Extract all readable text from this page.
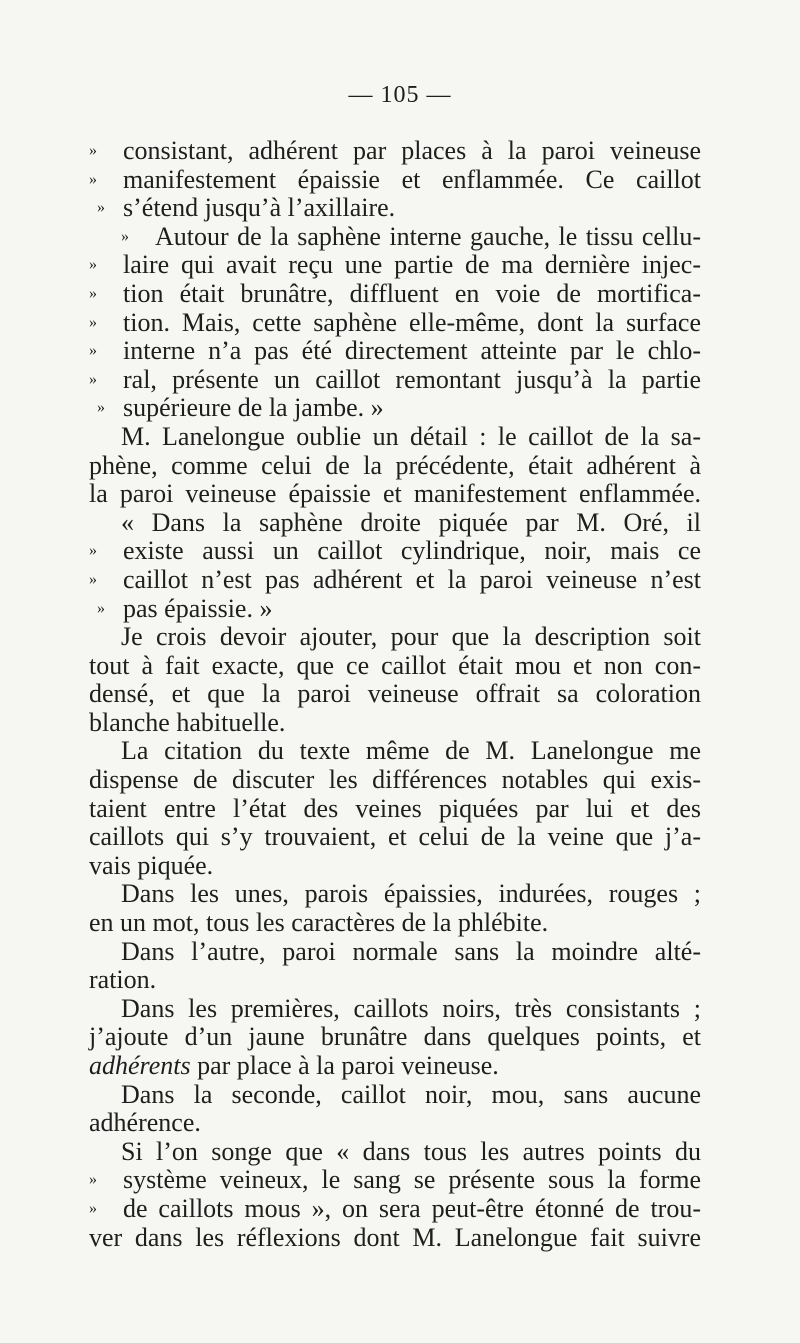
— 105 —
»	consistant, adhérent par places à la paroi veineuse
»	manifestement épaissie et enflammée. Ce caillot
» s’étend jusqu’à l’axillaire.
»	Autour de la saphène interne gauche, le tissu cellu-
»	laire qui avait reçu une partie de ma dernière injec-
»	tion était brunâtre, diffluent en voie de mortifica-
»	tion. Mais, cette saphène elle-même, dont la surface
»	interne n’a pas été directement atteinte par le chlo-
»	ral, présente un caillot remontant jusqu’à la partie
» supérieure de la jambe. »
M. Lanelongue oublie un détail : le caillot de la sa-
phène, comme celui de la précédente, était adhérent à
la paroi veineuse épaissie et manifestement enflammée.
« Dans la saphène droite piquée par M. Oré, il
»	existe aussi un caillot cylindrique, noir, mais ce
»	caillot n’est pas adhérent et la paroi veineuse n’est
» pas épaissie. »
Je crois devoir ajouter, pour que la description soit
tout à fait exacte, que ce caillot était mou et non con-
densé, et que la paroi veineuse offrait sa coloration
blanche habituelle.
La citation du texte même de M. Lanelongue me
dispense de discuter les différences notables qui exis-
taient entre l’état des veines piquées par lui et des
caillots qui s’y trouvaient, et celui de la veine que j’a-
vais piquée.
Dans les unes, parois épaissies, indurées, rouges ;
en un mot, tous les caractères de la phlébite.
Dans l’autre, paroi normale sans la moindre alté-
ration.
Dans les premières, caillots noirs, très consistants ;
j’ajoute d’un jaune brunâtre dans quelques points, et
adhérents par place à la paroi veineuse.
Dans la seconde, caillot noir, mou, sans aucune
adhérence.
Si l’on songe que « dans tous les autres points du
»	système veineux, le sang se présente sous la forme
»	de caillots mous », on sera peut-être étonné de trou-
ver dans les réflexions dont M. Lanelongue fait suivre
